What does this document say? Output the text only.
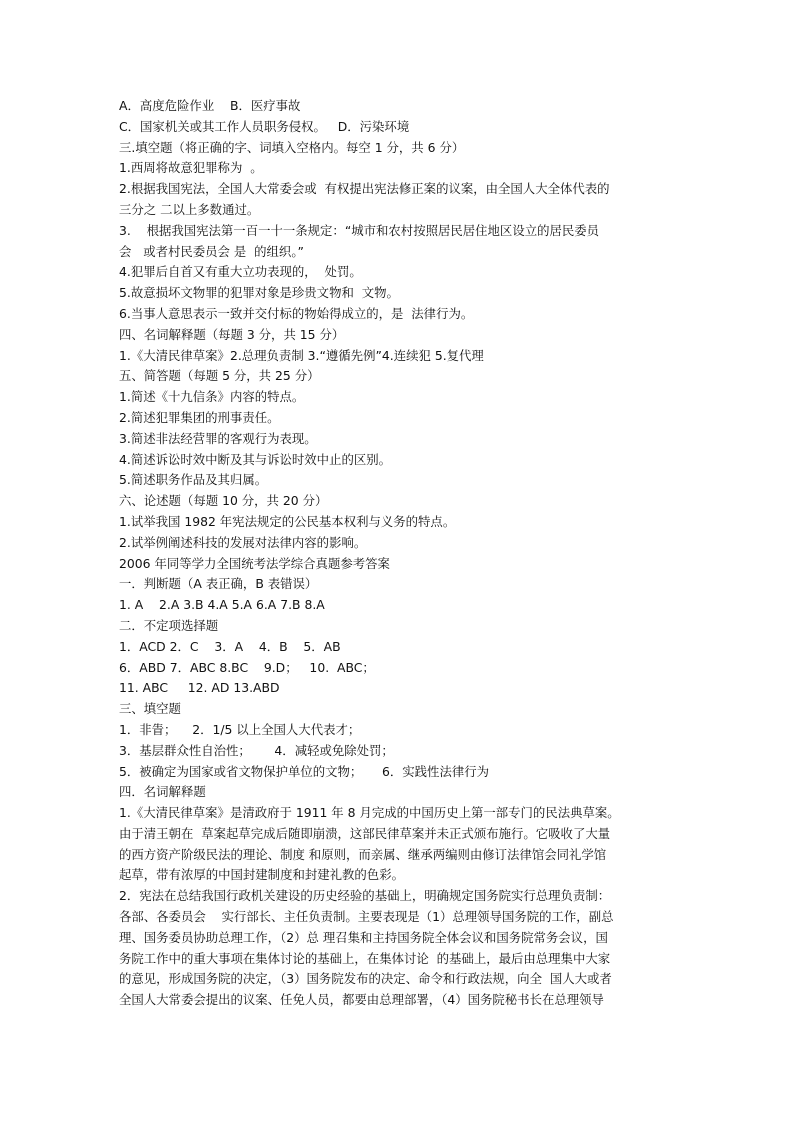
A．高度危险作业    B．医疗事故
C．国家机关或其工作人员职务侵权。   D．污染环境
三.填空题（将正确的字、词填入空格内。每空 1 分，共 6 分）
1.西周将故意犯罪称为  。
2.根据我国宪法，全国人大常委会或  有权提出宪法修正案的议案，由全国人大全体代表的
三分之 二以上多数通过。
3.    根据我国宪法第一百一十一条规定：“城市和农村按照居民居住地区设立的居民委员
会   或者村民委员会 是  的组织。”
4.犯罪后自首又有重大立功表现的，  处罚。
5.故意损坏文物罪的犯罪对象是珍贵文物和  文物。
6.当事人意思表示一致并交付标的物始得成立的，是  法律行为。
四、名词解释题（每题 3 分，共 15 分）
1.《大清民律草案》2.总理负责制 3.“遵循先例”4.连续犯 5.复代理
五、简答题（每题 5 分，共 25 分）
1.简述《十九信条》内容的特点。
2.简述犯罪集团的刑事责任。
3.简述非法经营罪的客观行为表现。
4.简述诉讼时效中断及其与诉讼时效中止的区别。
5.简述职务作品及其归属。
六、论述题（每题 10 分，共 20 分）
1.试举我国 1982 年宪法规定的公民基本权利与义务的特点。
2.试举例阐述科技的发展对法律内容的影响。
2006 年同等学力全国统考法学综合真题参考答案
一．判断题（A 表正确，B 表错误）
1. A    2.A 3.B 4.A 5.A 6.A 7.B 8.A
二．不定项选择题
1．ACD 2．C    3．A    4．B    5．AB
6．ABD 7．ABC 8.BC    9.D；   10.  ABC；
11. ABC     12. AD 13.ABD
三、填空题
1．非眚；    2．1/5 以上全国人大代表才；
3．基层群众性自治性；      4．减轻或免除处罚；
5．被确定为国家或省文物保护单位的文物；     6．实践性法律行为
四．名词解释题
1.《大清民律草案》是清政府于 1911 年 8 月完成的中国历史上第一部专门的民法典草案。
由于清王朝在  草案起草完成后随即崩溃，这部民律草案并未正式颁布施行。它吸收了大量
的西方资产阶级民法的理论、制度 和原则，而亲属、继承两编则由修订法律馆会同礼学馆
起草，带有浓厚的中国封建制度和封建礼教的色彩。
2．宪法在总结我国行政机关建设的历史经验的基础上，明确规定国务院实行总理负责制：
各部、各委员会    实行部长、主任负责制。主要表现是（1）总理领导国务院的工作，副总
理、国务委员协助总理工作，（2）总 理召集和主持国务院全体会议和国务院常务会议，国
务院工作中的重大事项在集体讨论的基础上，在集体讨论  的基础上，最后由总理集中大家
的意见，形成国务院的决定，（3）国务院发布的决定、命令和行政法规，向全  国人大或者
全国人大常委会提出的议案、任免人员，都要由总理部署，（4）国务院秘书长在总理领导
